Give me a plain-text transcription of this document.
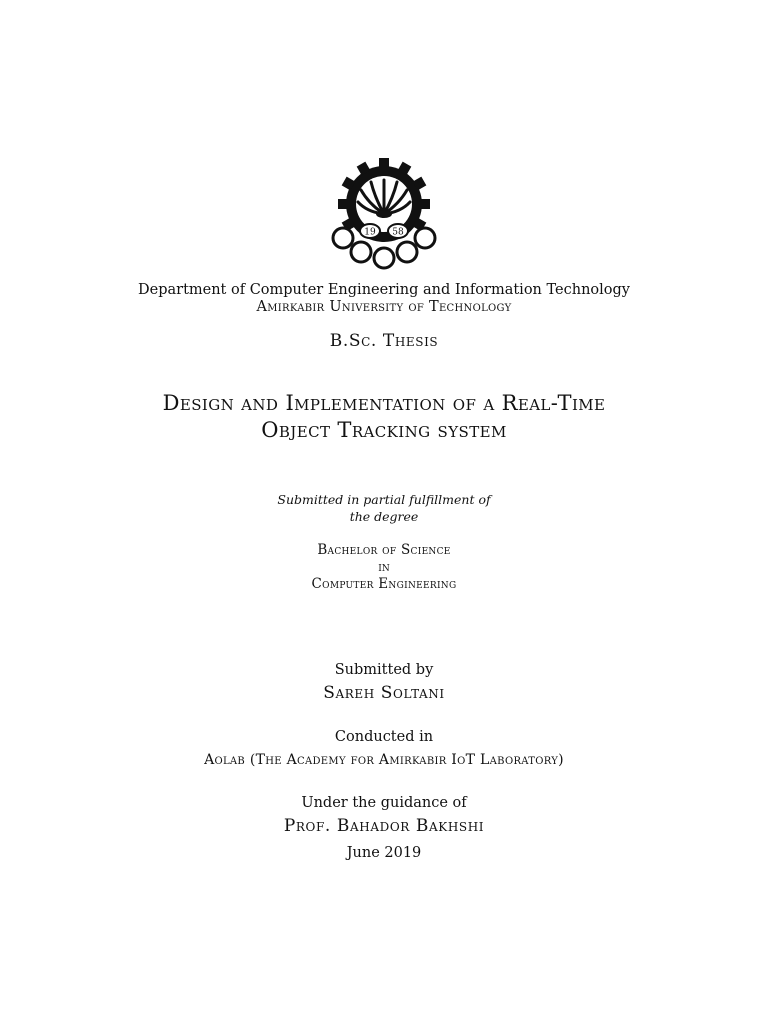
19 58
Department of Computer Engineering and Information Technology
Amirkabir University of Technology
B.Sc. Thesis
Design and Implementation of a Real-Time
Object Tracking system
Submitted in partial fulfillment of
the degree
Bachelor of Science
in
Computer Engineering
Submitted by
Sareh Soltani
Conducted in
Aolab (The Academy for Amirkabir IoT Laboratory)
Under the guidance of
Prof. Bahador Bakhshi
June 2019
